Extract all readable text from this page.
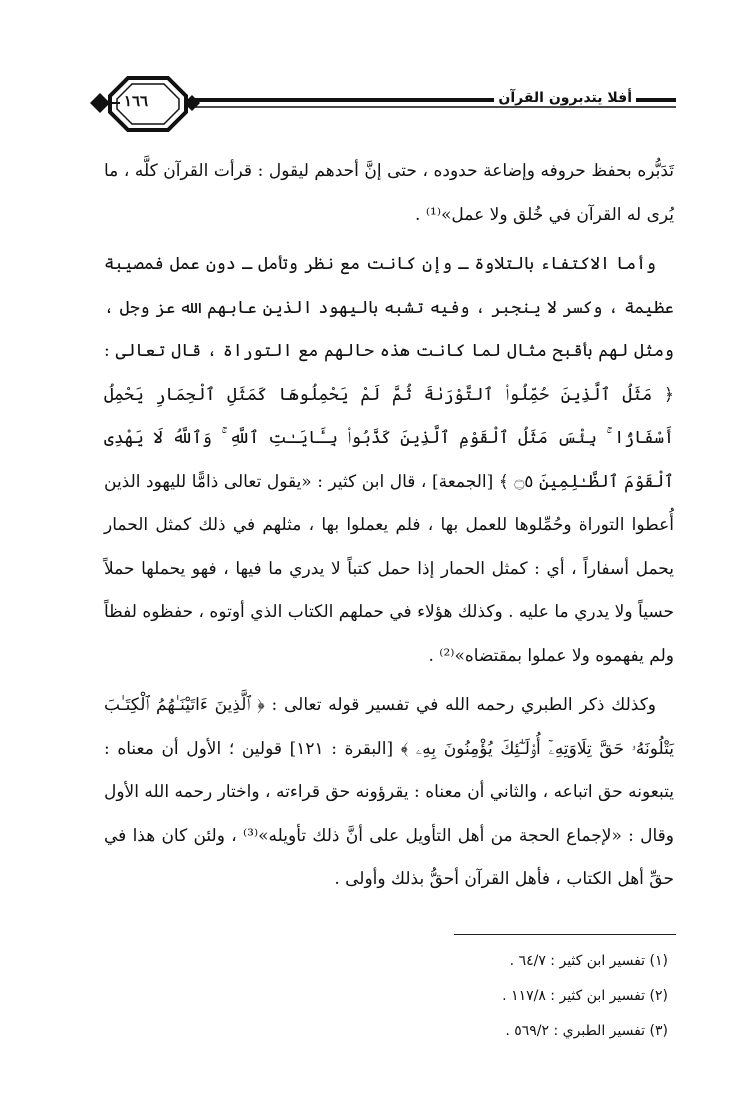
أفلا يتدبرون القرآن
١٦٦

تَدَبُّره بحفظ حروفه وإضاعة حدوده ، حتى إنَّ أحدهم ليقول : قرأت القرآن كلَّه ، ما يُرى له القرآن في خُلق ولا عمل»⁽¹⁾ .

وأما الاكتفاء بالتلاوة ـ وإن كانت مع نظر وتأمل ـ دون عمل فمصيبة عظيمة ، وكسر لا ينجبر ، وفيه تشبه باليهود الذين عابهم الله عز وجل ، ومثل لهم بأقبح مثال لما كانت هذه حالهم مع التوراة ، قال تعالى : ﴿ مَثَلُ ٱلَّذِينَ حُمِّلُوا۟ ٱلتَّوْرَىٰةَ ثُمَّ لَمْ يَحْمِلُوهَا كَمَثَلِ ٱلْحِمَارِ يَحْمِلُ أَسْفَارًۢا ۚ بِئْسَ مَثَلُ ٱلْقَوْمِ ٱلَّذِينَ كَذَّبُوا۟ بِـَٔايَـٰتِ ٱللَّهِ ۚ وَٱللَّهُ لَا يَهْدِى ٱلْقَوْمَ ٱلظَّـٰلِمِينَ ۝٥ ﴾ [الجمعة] ، قال ابن كثير : «يقول تعالى ذامًّا لليهود الذين أُعطوا التوراة وحُمِّلوها للعمل بها ، فلم يعملوا بها ، مثلهم في ذلك كمثل الحمار يحمل أسفاراً ، أي : كمثل الحمار إذا حمل كتباً لا يدري ما فيها ، فهو يحملها حملاً حسياً ولا يدري ما عليه . وكذلك هؤلاء في حملهم الكتاب الذي أوتوه ، حفظوه لفظاً ولم يفهموه ولا عملوا بمقتضاه»⁽²⁾ .

وكذلك ذكر الطبري رحمه الله في تفسير قوله تعالى : ﴿ ٱلَّذِينَ ءَاتَيْنَـٰهُمُ ٱلْكِتَـٰبَ يَتْلُونَهُۥ حَقَّ تِلَاوَتِهِۦٓ أُو۟لَـٰٓئِكَ يُؤْمِنُونَ بِهِۦ ﴾ [البقرة : ١٢١] قولين ؛ الأول أن معناه : يتبعونه حق اتباعه ، والثاني أن معناه : يقرؤونه حق قراءته ، واختار رحمه الله الأول وقال : «لإجماع الحجة من أهل التأويل على أنَّ ذلك تأويله»⁽³⁾ ، ولئن كان هذا في حقِّ أهل الكتاب ، فأهل القرآن أحقُّ بذلك وأولى .

(١) تفسير ابن كثير : ٦٤/٧ .

(٢) تفسير ابن كثير : ١١٧/٨ .

(٣) تفسير الطبري : ٥٦٩/٢ .
